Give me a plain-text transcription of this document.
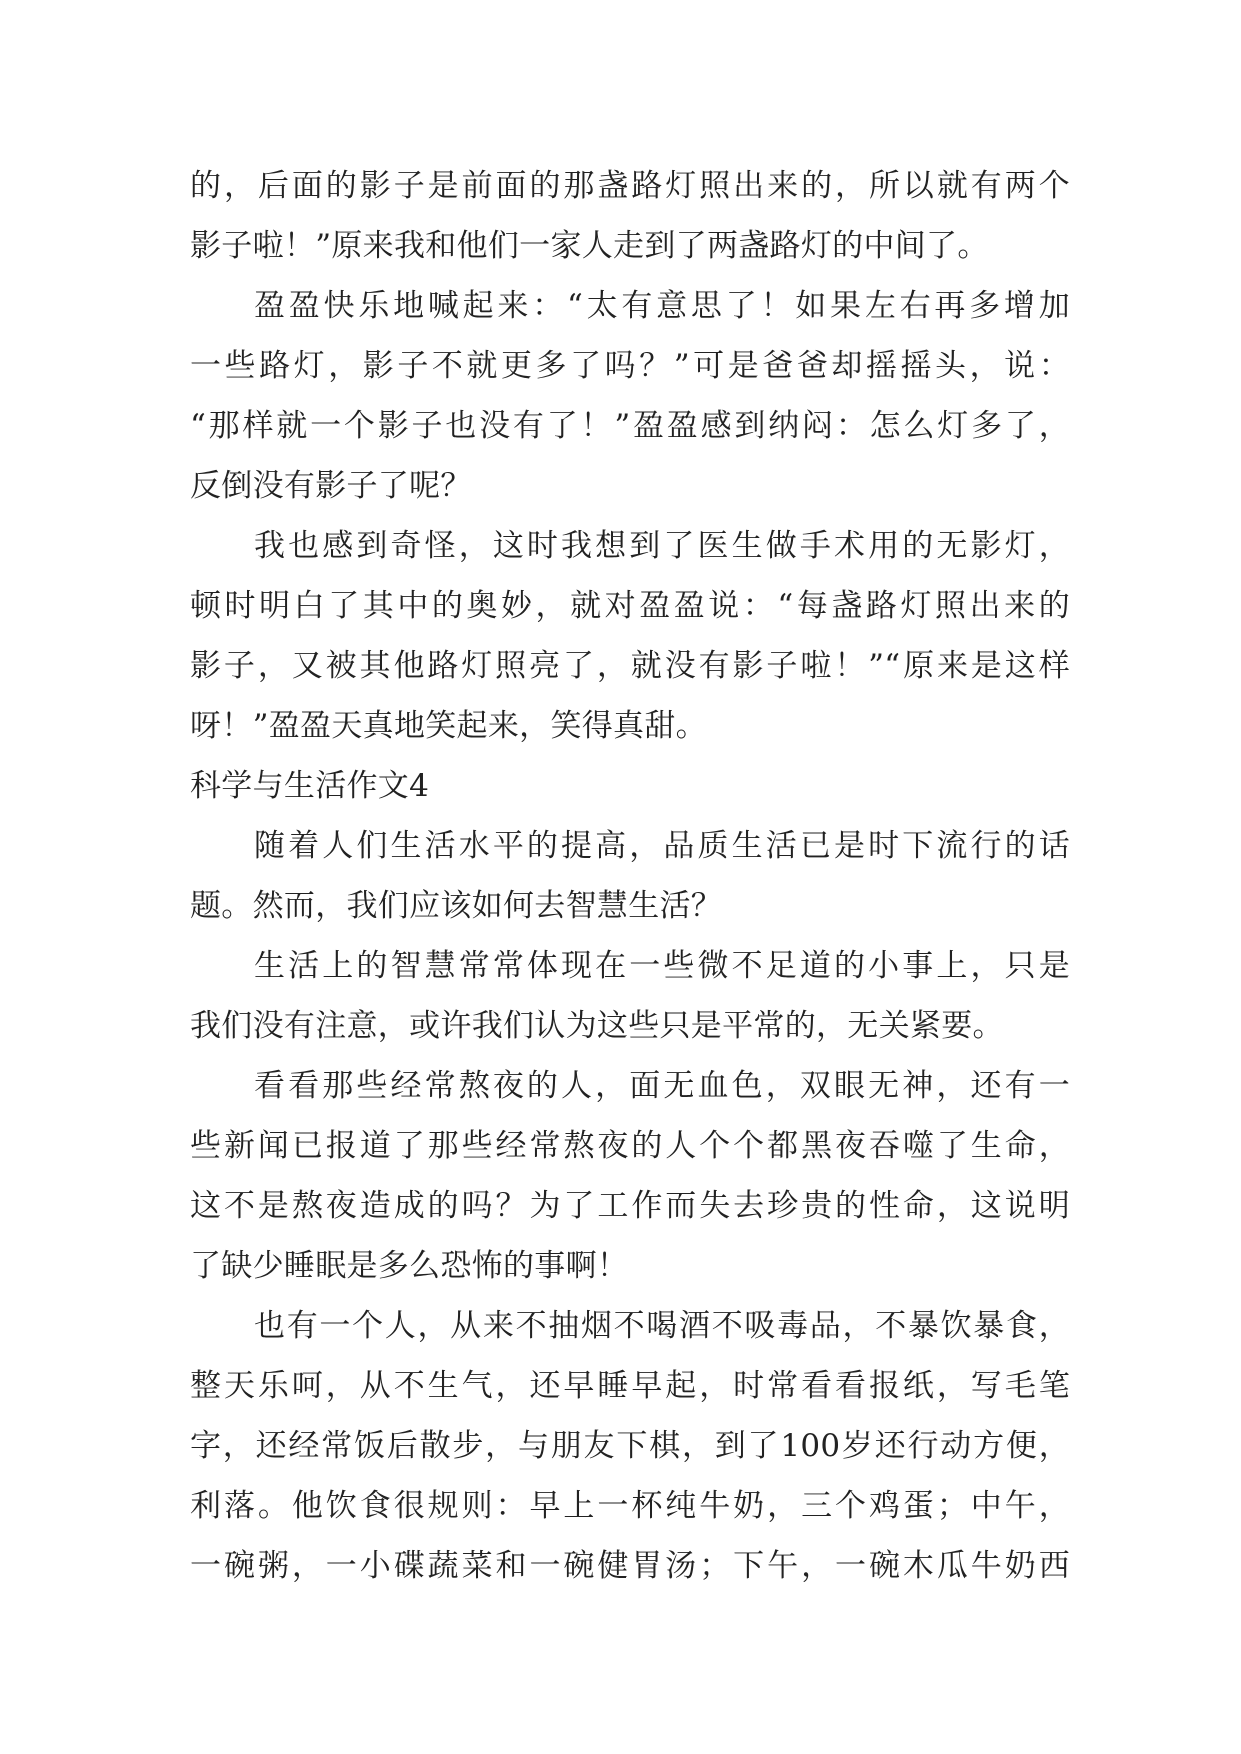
的，后面的影子是前面的那盏路灯照出来的，所以就有两个
影子啦！”原来我和他们一家人走到了两盏路灯的中间了。
盈盈快乐地喊起来：“太有意思了！如果左右再多增加
一些路灯，影子不就更多了吗？”可是爸爸却摇摇头，说：
“那样就一个影子也没有了！”盈盈感到纳闷：怎么灯多了，
反倒没有影子了呢？
我也感到奇怪，这时我想到了医生做手术用的无影灯，
顿时明白了其中的奥妙，就对盈盈说：“每盏路灯照出来的
影子，又被其他路灯照亮了，就没有影子啦！”“原来是这样
呀！”盈盈天真地笑起来，笑得真甜。
科学与生活作文4
随着人们生活水平的提高，品质生活已是时下流行的话
题。然而，我们应该如何去智慧生活？
生活上的智慧常常体现在一些微不足道的小事上，只是
我们没有注意，或许我们认为这些只是平常的，无关紧要。
看看那些经常熬夜的人，面无血色，双眼无神，还有一
些新闻已报道了那些经常熬夜的人个个都黑夜吞噬了生命，
这不是熬夜造成的吗？为了工作而失去珍贵的性命，这说明
了缺少睡眠是多么恐怖的事啊！
也有一个人，从来不抽烟不喝酒不吸毒品，不暴饮暴食，
整天乐呵，从不生气，还早睡早起，时常看看报纸，写毛笔
字，还经常饭后散步，与朋友下棋，到了100岁还行动方便，
利落。他饮食很规则：早上一杯纯牛奶，三个鸡蛋；中午，
一碗粥，一小碟蔬菜和一碗健胃汤；下午，一碗木瓜牛奶西
